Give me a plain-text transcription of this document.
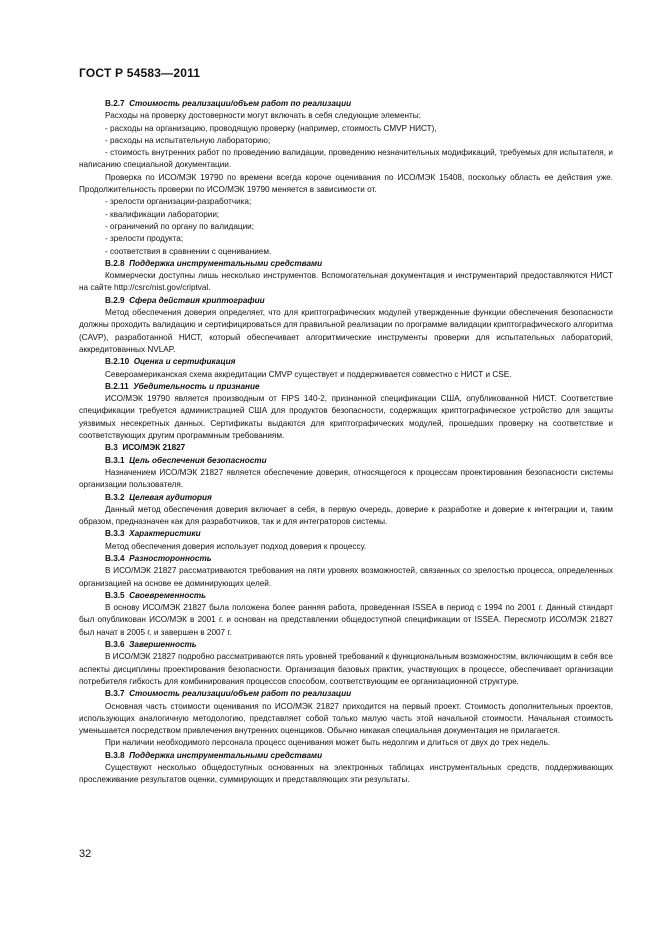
ГОСТ Р 54583—2011

B.2.7 Стоимость реализации/объем работ по реализации

Расходы на проверку достоверности могут включать в себя следующие элементы:

- расходы на организацию, проводящую проверку (например, стоимость CMVP НИСТ),

- расходы на испытательную лабораторию;

- стоимость внутренних работ по проведению валидации, проведению незначительных модификаций, требуемых для испытателя, и написанию специальной документации.

Проверка по ИСО/МЭК 19790 по времени всегда короче оценивания по ИСО/МЭК 15408, поскольку область ее действия уже. Продолжительность проверки по ИСО/МЭК 19790 меняется в зависимости от.

- зрелости организации-разработчика;

- квалификации лаборатории;

- ограничений по органу по валидации;

- зрелости продукта;

- соответствия в сравнении с оцениванием.

B.2.8 Поддержка инструментальными средствами

Коммерчески доступны лишь несколько инструментов. Вспомогательная документация и инструментарий предоставляются НИСТ на сайте http://csrc/nist.gov/criptval.

B.2.9 Сфера действия криптографии

Метод обеспечения доверия определяет, что для криптографических модулей утвержденные функции обеспечения безопасности должны проходить валидацию и сертифицироваться для правильной реализации по программе валидации криптографического алгоритма (CAVP), разработанной НИСТ, который обеспечивает алгоритмические инструменты проверки для испытательных лабораторий, аккредитованных NVLAP.

B.2.10 Оценка и сертификация

Североамериканская схема аккредитации CMVP существует и поддерживается совместно с НИСТ и CSE.

B.2.11 Убедительность и признание

ИСО/МЭК 19790 является производным от FIPS 140-2, признанной спецификации США, опубликованной НИСТ. Соответствие спецификации требуется администрацией США для продуктов безопасности, содержащих криптографическое устройство для защиты уязвимых несекретных данных. Сертификаты выдаются для криптографических модулей, прошедших проверку на соответствие и соответствующих другим программным требованиям.

B.3 ИСО/МЭК 21827

B.3.1 Цель обеспечения безопасности

Назначением ИСО/МЭК 21827 является обеспечение доверия, относящегося к процессам проектирования безопасности системы организации пользователя.

B.3.2 Целевая аудитория

Данный метод обеспечения доверия включает в себя, в первую очередь, доверие к разработке и доверие к интеграции и, таким образом, предназначен как для разработчиков, так и для интеграторов системы.

B.3.3 Характеристики

Метод обеспечения доверия использует подход доверия к процессу.

B.3.4 Разносторонность

В ИСО/МЭК 21827 рассматриваются требования на пяти уровнях возможностей, связанных со зрелостью процесса, определенных организацией на основе ее доминирующих целей.

B.3.5 Своевременность

В основу ИСО/МЭК 21827 была положена более ранняя работа, проведенная ISSEA в период с 1994 по 2001 г. Данный стандарт был опубликован ИСО/МЭК в 2001 г. и основан на представлении общедоступной спецификации от ISSEA. Пересмотр ИСО/МЭК 21827 был начат в 2005 г. и завершен в 2007 г.

B.3.6 Завершенность

В ИСО/МЭК 21827 подробно рассматриваются пять уровней требований к функциональным возможностям, включающим в себя все аспекты дисциплины проектирования безопасности. Организация базовых практик, участвующих в процессе, обеспечивает организации потребителя гибкость для комбинирования процессов способом, соответствующим ее организационной структуре.

B.3.7 Стоимость реализации/объем работ по реализации

Основная часть стоимости оценивания по ИСО/МЭК 21827 приходится на первый проект. Стоимость дополнительных проектов, использующих аналогичную методологию, представляет собой только малую часть этой начальной стоимости. Начальная стоимость уменьшается посредством привлечения внутренних оценщиков. Обычно никакая специальная документация не прилагается.

При наличии необходимого персонала процесс оценивания может быть недолгим и длиться от двух до трех недель.

B.3.8 Поддержка инструментальными средствами

Существуют несколько общедоступных основанных на электронных таблицах инструментальных средств, поддерживающих прослеживание результатов оценки, суммирующих и представляющих эти результаты.

32
